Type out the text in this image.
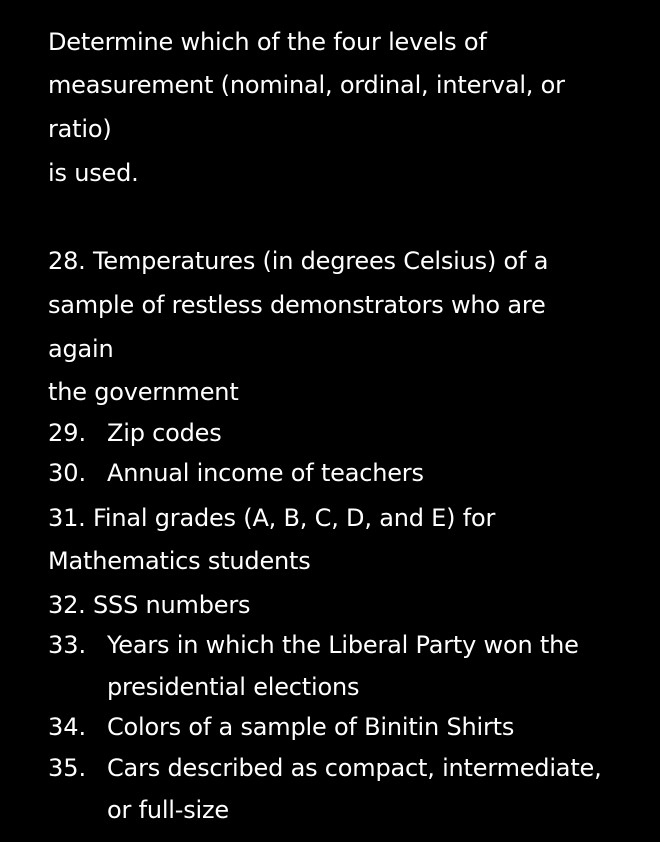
Determine which of the four levels of
measurement (nominal, ordinal, interval, or
ratio)
is used.
28. Temperatures (in degrees Celsius) of a
sample of restless demonstrators who are
again
the government
29. Zip codes
30. Annual income of teachers
31. Final grades (A, B, C, D, and E) for
Mathematics students
32. SSS numbers
33. Years in which the Liberal Party won the
presidential elections
34. Colors of a sample of Binitin Shirts
35. Cars described as compact, intermediate,
or full-size
